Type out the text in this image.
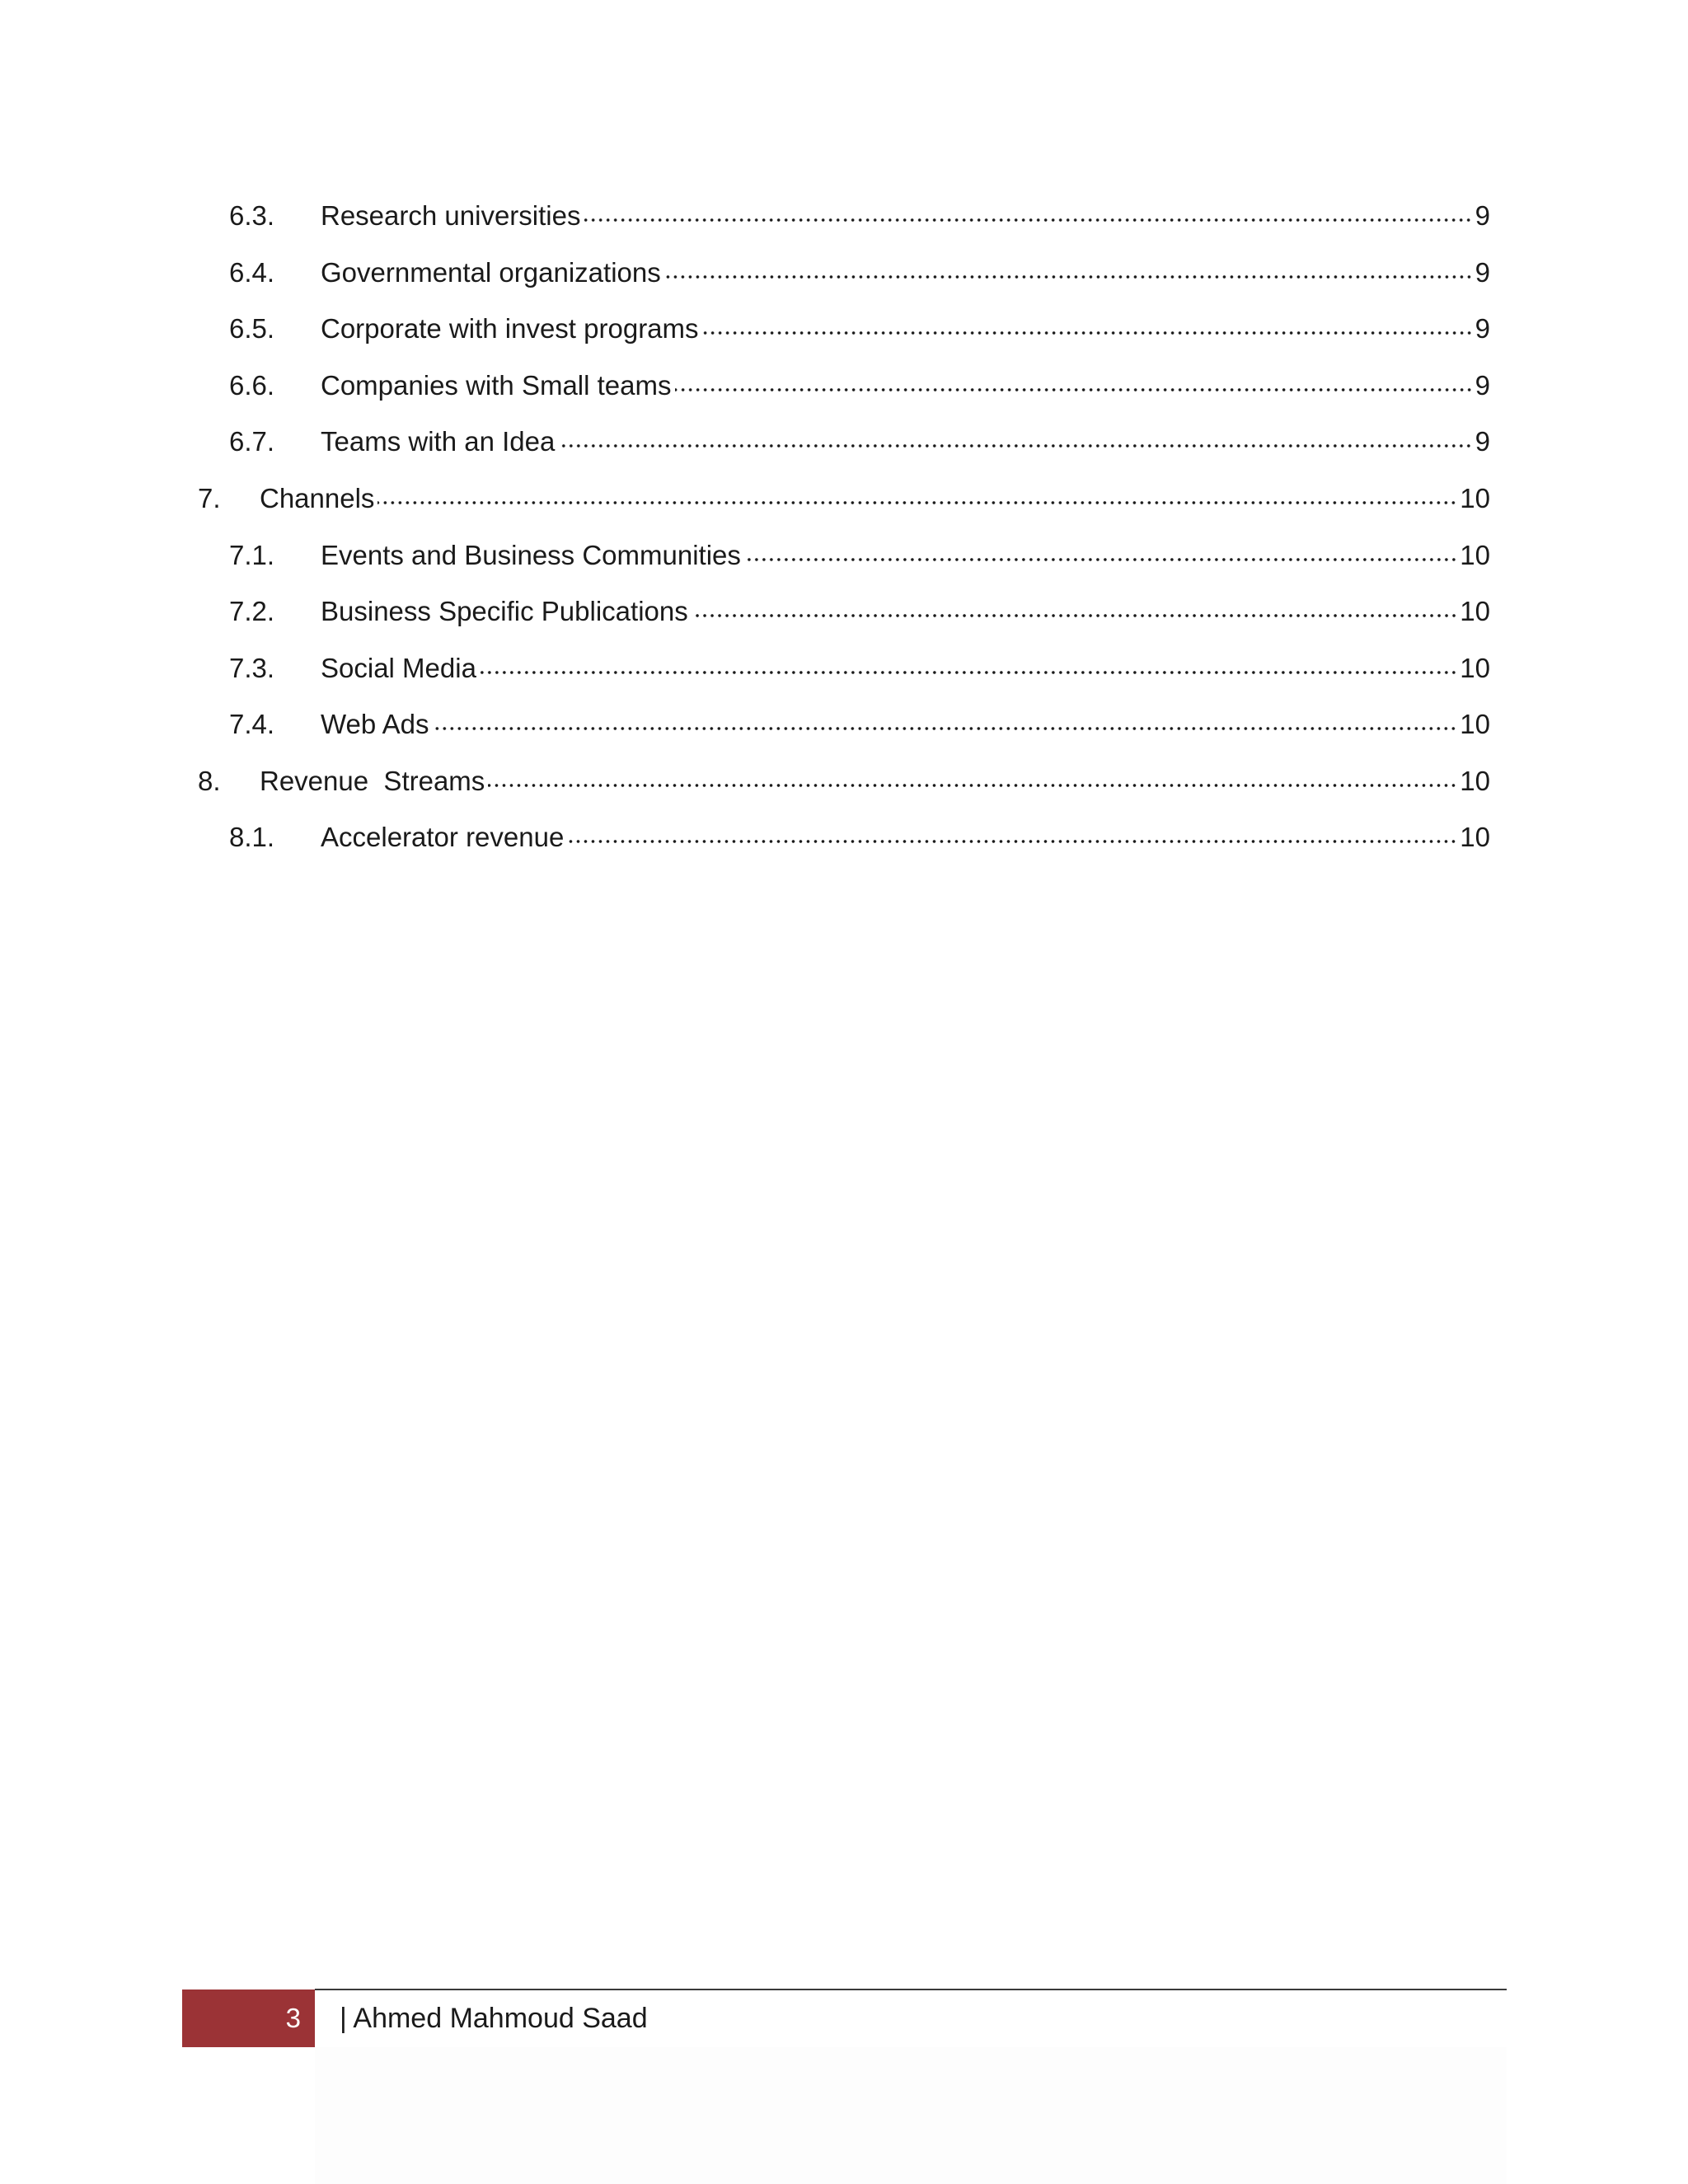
6.3.	Research universities	9
6.4.	Governmental organizations	9
6.5.	Corporate with invest programs	9
6.6.	Companies with Small teams	9
6.7.	Teams with an Idea	9
7.	Channels	10
7.1.	Events and Business Communities	10
7.2.	Business Specific Publications	10
7.3.	Social Media	10
7.4.	Web Ads	10
8.	Revenue  Streams	10
8.1.	Accelerator revenue	10
3	| Ahmed Mahmoud Saad
